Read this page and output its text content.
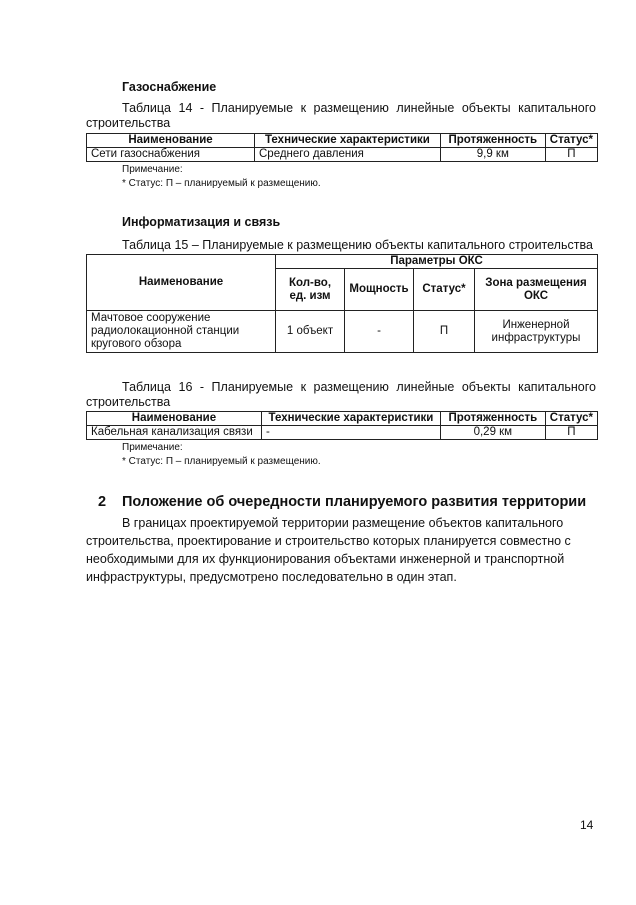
Газоснабжение
Таблица 14 - Планируемые к размещению линейные объекты капитального
строительства
Наименование	Технические характеристики	Протяженность	Статус*
Сети газоснабжения	Среднего давления	9,9 км	П
Примечание:
* Статус: П – планируемый к размещению.
Информатизация и связь
Таблица 15 – Планируемые к размещению объекты капитального строительства
Наименование	Параметры ОКС			
	Кол-во, ед. изм	Мощность	Статус*	Зона размещения ОКС
Мачтовое сооружение радиолокационной станции кругового обзора	1 объект	-	П	Инженерной инфраструктуры
Таблица 16 - Планируемые к размещению линейные объекты капитального
строительства
Наименование	Технические характеристики	Протяженность	Статус*
Кабельная канализация связи	-	0,29 км	П
Примечание:
* Статус: П – планируемый к размещению.
2 Положение об очередности планируемого развития территории
В границах проектируемой территории размещение объектов капитального
строительства, проектирование и строительство которых планируется совместно с
необходимыми для их функционирования объектами инженерной и транспортной
инфраструктуры, предусмотрено последовательно в один этап.
14
